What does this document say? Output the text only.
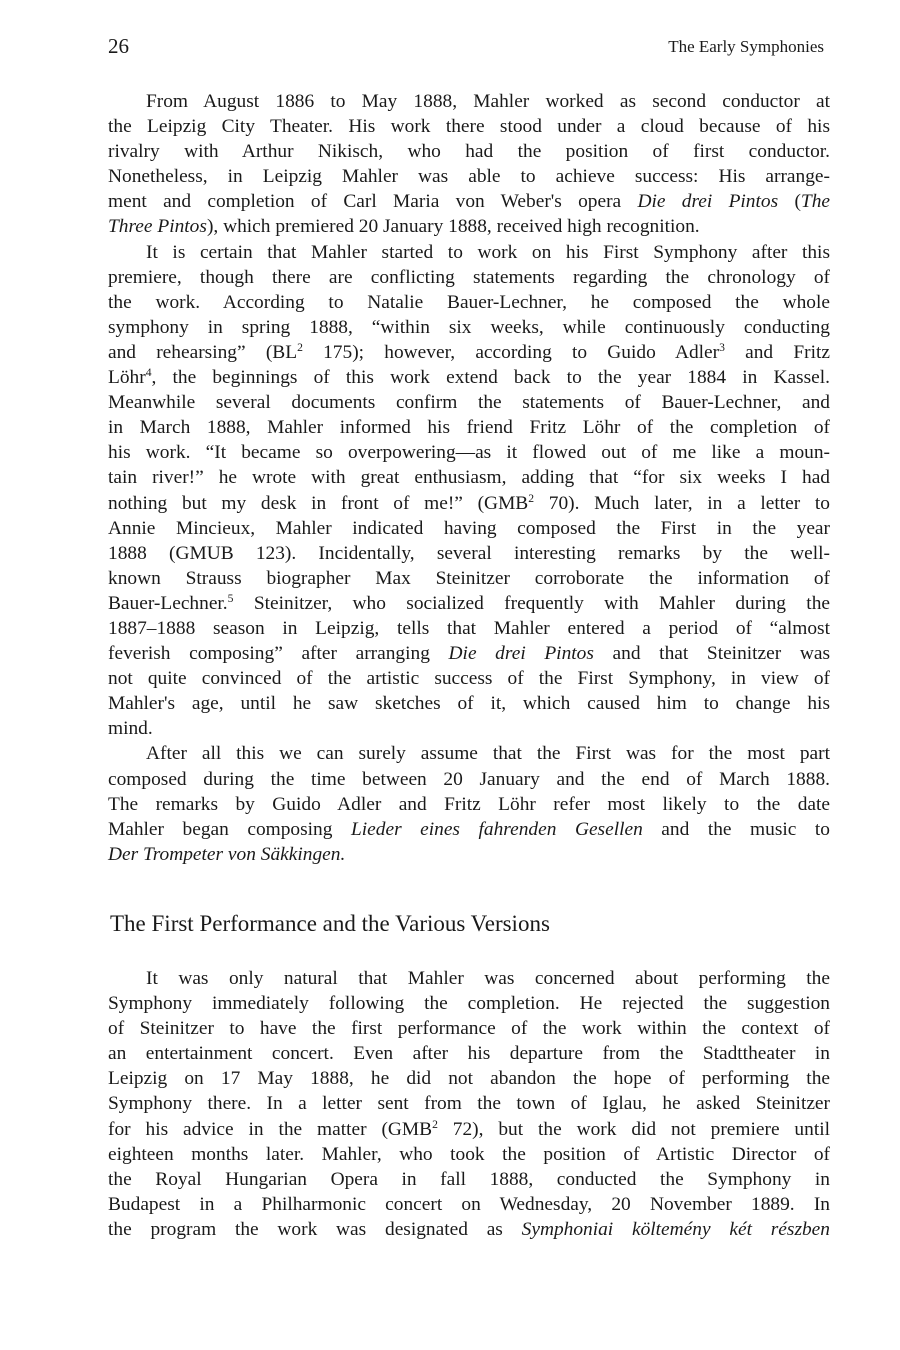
26	The Early Symphonies
From August 1886 to May 1888, Mahler worked as second conductor at
the Leipzig City Theater. His work there stood under a cloud because of his
rivalry with Arthur Nikisch, who had the position of first conductor.
Nonetheless, in Leipzig Mahler was able to achieve success: His arrange-
ment and completion of Carl Maria von Weber's opera Die drei Pintos (The
Three Pintos), which premiered 20 January 1888, received high recognition.
It is certain that Mahler started to work on his First Symphony after this
premiere, though there are conflicting statements regarding the chronology of
the work. According to Natalie Bauer-Lechner, he composed the whole
symphony in spring 1888, “within six weeks, while continuously conducting
and rehearsing” ($BL^2$ 175); however, according to Guido Adler$^3$ and Fritz
Löhr$^4$, the beginnings of this work extend back to the year 1884 in Kassel.
Meanwhile several documents confirm the statements of Bauer-Lechner, and
in March 1888, Mahler informed his friend Fritz Löhr of the completion of
his work. “It became so overpowering—as it flowed out of me like a moun-
tain river!” he wrote with great enthusiasm, adding that “for six weeks I had
nothing but my desk in front of me!” (GMB$^2$ 70). Much later, in a letter to
Annie Mincieux, Mahler indicated having composed the First in the year
1888 (GMUB 123). Incidentally, several interesting remarks by the well-
known Strauss biographer Max Steinitzer corroborate the information of
Bauer-Lechner.$^5$ Steinitzer, who socialized frequently with Mahler during the
1887–1888 season in Leipzig, tells that Mahler entered a period of “almost
feverish composing” after arranging Die drei Pintos and that Steinitzer was
not quite convinced of the artistic success of the First Symphony, in view of
Mahler's age, until he saw sketches of it, which caused him to change his
mind.
After all this we can surely assume that the First was for the most part
composed during the time between 20 January and the end of March 1888.
The remarks by Guido Adler and Fritz Löhr refer most likely to the date
Mahler began composing Lieder eines fahrenden Gesellen and the music to
Der Trompeter von Säkkingen.
The First Performance and the Various Versions
It was only natural that Mahler was concerned about performing the
Symphony immediately following the completion. He rejected the suggestion
of Steinitzer to have the first performance of the work within the context of
an entertainment concert. Even after his departure from the Stadttheater in
Leipzig on 17 May 1888, he did not abandon the hope of performing the
Symphony there. In a letter sent from the town of Iglau, he asked Steinitzer
for his advice in the matter (GMB$^2$ 72), but the work did not premiere until
eighteen months later. Mahler, who took the position of Artistic Director of
the Royal Hungarian Opera in fall 1888, conducted the Symphony in
Budapest in a Philharmonic concert on Wednesday, 20 November 1889. In
the program the work was designated as Symphoniai költemény két részben
